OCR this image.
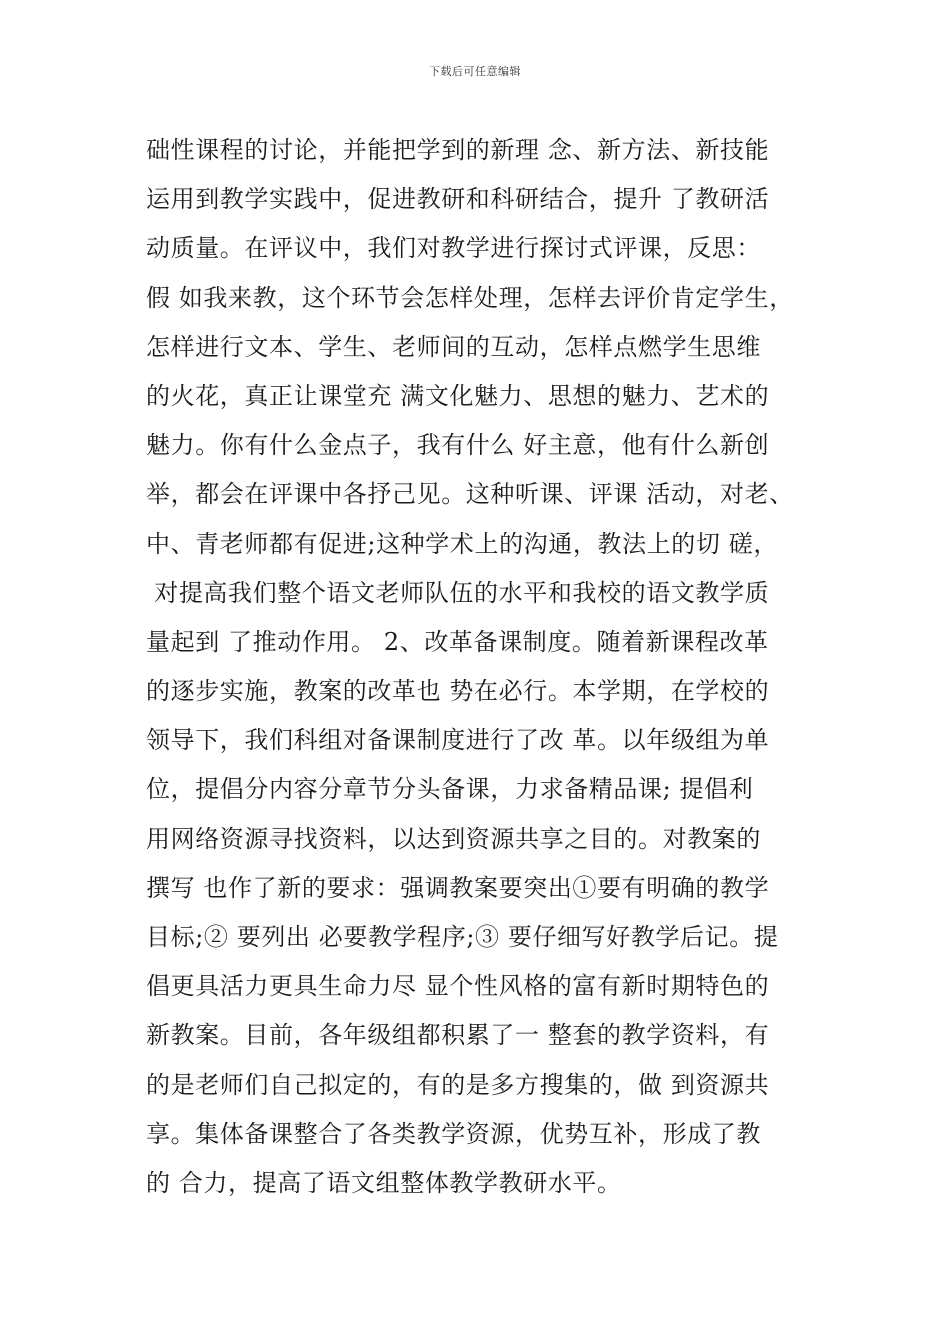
下载后可任意编辑
础性课程的讨论，并能把学到的新理 念、新方法、新技能
运用到教学实践中，促进教研和科研结合，提升 了教研活
动质量。在评议中，我们对教学进行探讨式评课，反思：
假 如我来教，这个环节会怎样处理，怎样去评价肯定学生，
怎样进行文本、学生、老师间的互动，怎样点燃学生思维
的火花，真正让课堂充 满文化魅力、思想的魅力、艺术的
魅力。你有什么金点子，我有什么 好主意，他有什么新创
举，都会在评课中各抒己见。这种听课、评课 活动，对老、
中、青老师都有促进;这种学术上的沟通，教法上的切 磋，
对提高我们整个语文老师队伍的水平和我校的语文教学质
量起到 了推动作用。 2、改革备课制度。随着新课程改革
的逐步实施，教案的改革也 势在必行。本学期，在学校的
领导下，我们科组对备课制度进行了改 革。以年级组为单
位，提倡分内容分章节分头备课，力求备精品课; 提倡利
用网络资源寻找资料，以达到资源共享之目的。对教案的
撰写 也作了新的要求：强调教案要突出①要有明确的教学
目标;② 要列出 必要教学程序;③ 要仔细写好教学后记。提
倡更具活力更具生命力尽 显个性风格的富有新时期特色的
新教案。目前，各年级组都积累了一 整套的教学资料，有
的是老师们自己拟定的，有的是多方搜集的，做 到资源共
享。集体备课整合了各类教学资源，优势互补，形成了教
的 合力，提高了语文组整体教学教研水平。
